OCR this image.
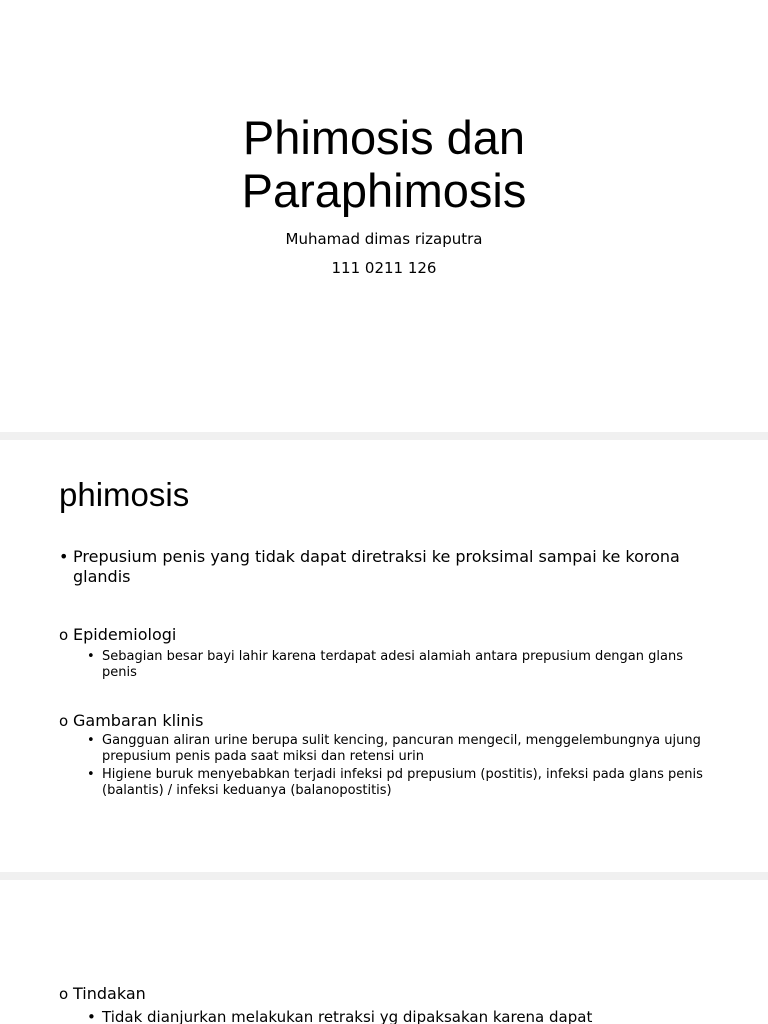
Phimosis dan
Paraphimosis

Muhamad dimas rizaputra

111 0211 126

phimosis

• Prepusium penis yang tidak dapat diretraksi ke proksimal sampai ke korona glandis

o Epidemiologi

• Sebagian besar bayi lahir karena terdapat adesi alamiah antara prepusium dengan glans penis

o Gambaran klinis

• Gangguan aliran urine berupa sulit kencing, pancuran mengecil, menggelembungnya ujung prepusium penis pada saat miksi dan retensi urin

• Higiene buruk menyebabkan terjadi infeksi pd prepusium (postitis), infeksi pada glans penis (balantis) / infeksi keduanya (balanopostitis)

o Tindakan

• Tidak dianjurkan melakukan retraksi yg dipaksakan karena dapat
